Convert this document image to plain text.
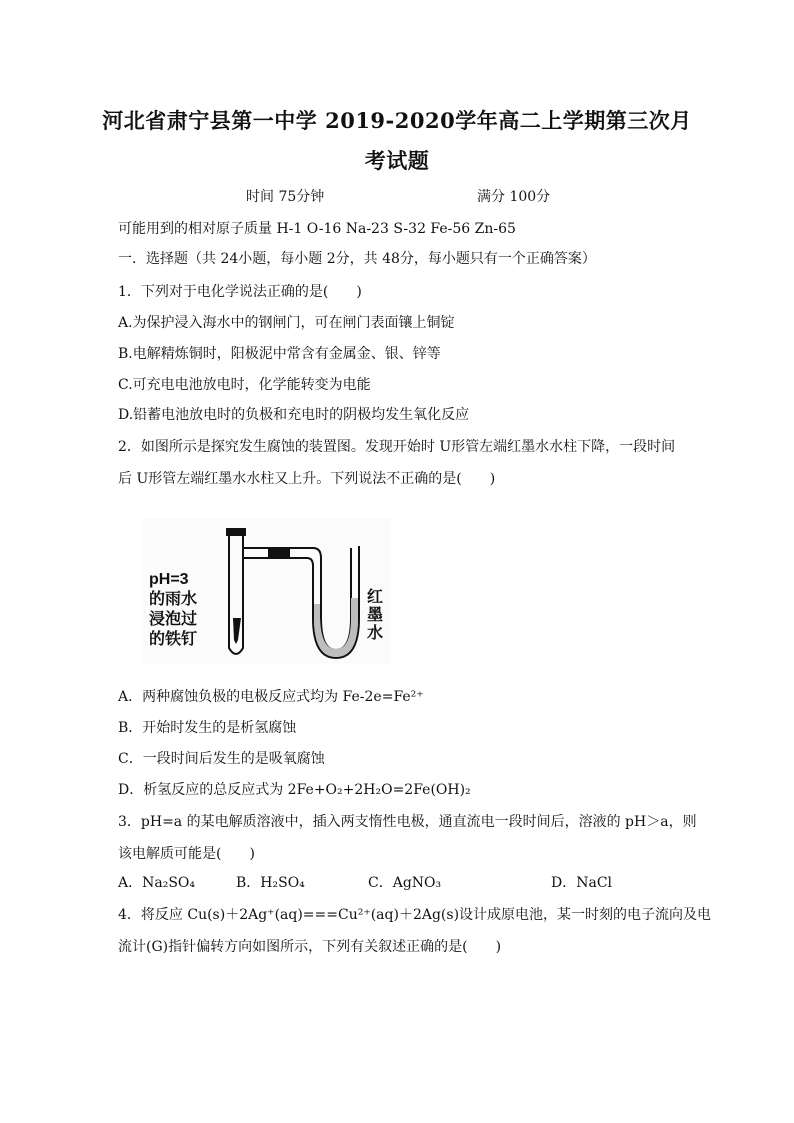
河北省肃宁县第一中学 2019-2020学年高二上学期第三次月
考试题
时间 75分钟	满分 100分
可能用到的相对原子质量 H-1 O-16 Na-23 S-32 Fe-56 Zn-65
一．选择题（共 24小题，每小题 2分，共 48分，每小题只有一个正确答案）
1．下列对于电化学说法正确的是(　　)
A.为保护浸入海水中的钢闸门，可在闸门表面镶上铜锭
B.电解精炼铜时，阳极泥中常含有金属金、银、锌等
C.可充电电池放电时，化学能转变为电能
D.铅蓄电池放电时的负极和充电时的阴极均发生氧化反应
2．如图所示是探究发生腐蚀的装置图。发现开始时 U形管左端红墨水水柱下降，一段时间
后 U形管左端红墨水水柱又上升。下列说法不正确的是(　　)
pH=3
的雨水
浸泡过
的铁钉
红
墨
水
A．两种腐蚀负极的电极反应式均为 Fe-2e=Fe²⁺
B．开始时发生的是析氢腐蚀
C．一段时间后发生的是吸氧腐蚀
D．析氢反应的总反应式为 2Fe+O₂+2H₂O=2Fe(OH)₂
3．pH=a 的某电解质溶液中，插入两支惰性电极，通直流电一段时间后，溶液的 pH＞a，则
该电解质可能是(　　)
A．Na₂SO₄	B．H₂SO₄	C．AgNO₃	D．NaCl
4．将反应 Cu(s)＋2Ag⁺(aq)===Cu²⁺(aq)＋2Ag(s)设计成原电池，某一时刻的电子流向及电
流计(G)指针偏转方向如图所示，下列有关叙述正确的是(　　)
